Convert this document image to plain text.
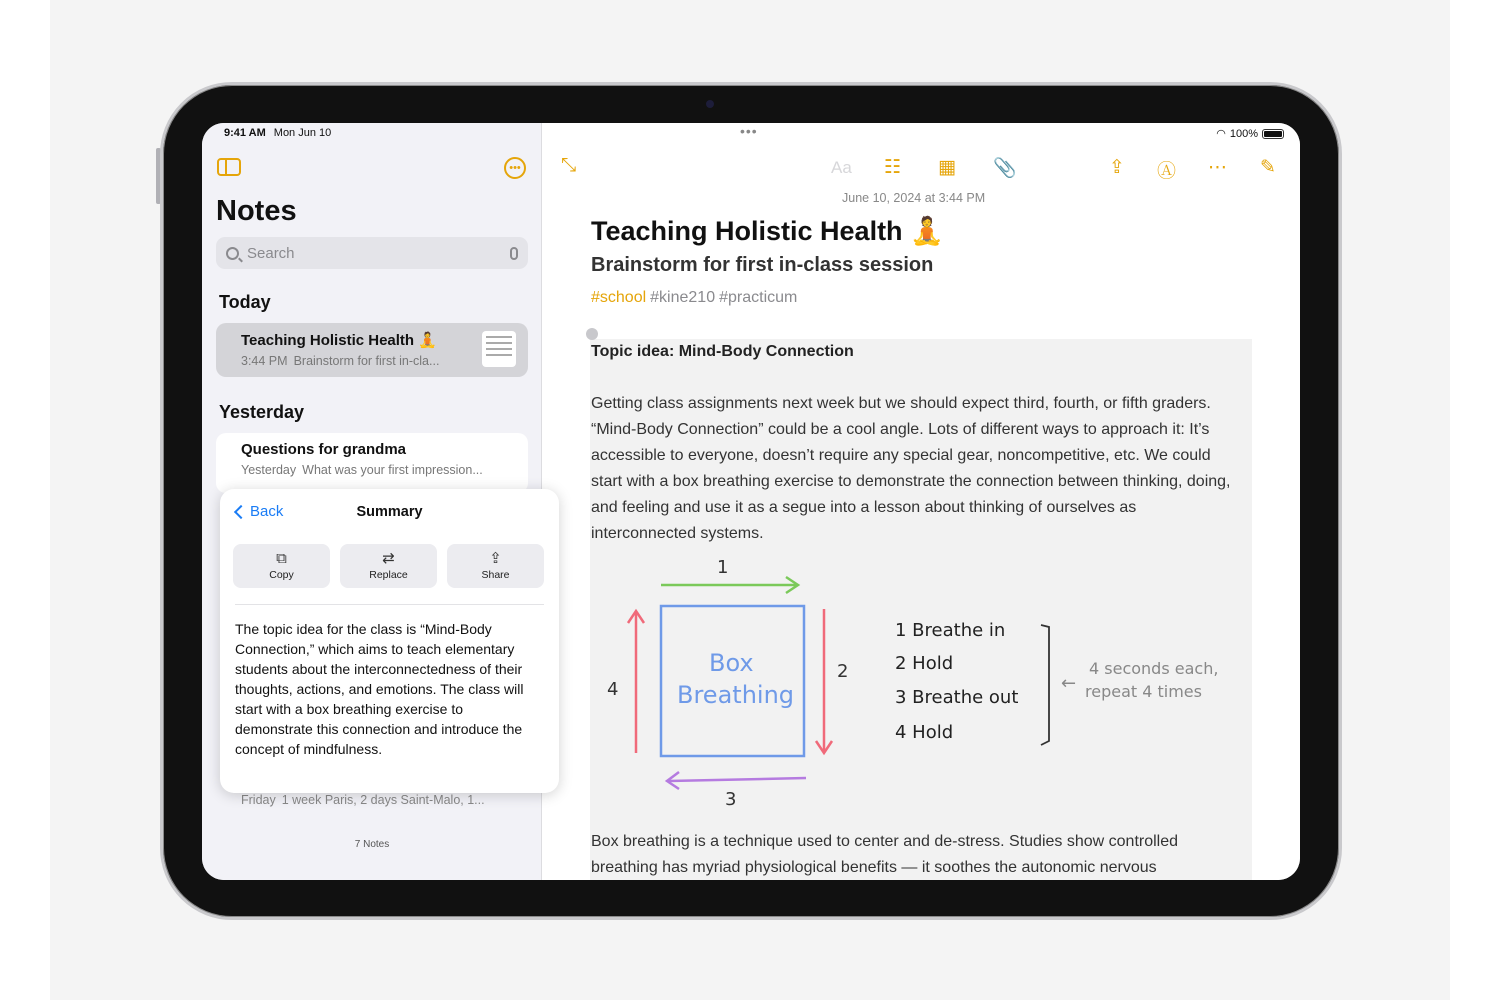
9:41 AM Mon Jun 10
•••
Notes
Search
Today
Teaching Holistic Health 🧘
3:44 PM Brainstorm for first in-cla...
Yesterday
Questions for grandma
Yesterday What was your first impression...
Friday 1 week Paris, 2 days Saint-Malo, 1...
7 Notes
•••	◠ 100%
⤡	Aa ☷ ▦ 📎	⇪ Ⓐ ⋯ ✎
June 10, 2024 at 3:44 PM
Teaching Holistic Health 🧘
Brainstorm for first in-class session
#school #kine210 #practicum
Topic idea: Mind-Body Connection
Getting class assignments next week but we should expect third, fourth, or fifth graders. “Mind-Body Connection” could be a cool angle. Lots of different ways to approach it: It’s accessible to everyone, doesn’t require any special gear, noncompetitive, etc. We could start with a box breathing exercise to demonstrate the connection between thinking, doing, and feeling and use it as a segue into a lesson about thinking of ourselves as interconnected systems.
Box
Breathing
1
2
3
4
1 Breathe in
2 Hold
3 Breathe out
4 Hold
←
4 seconds each,
repeat 4 times
Box breathing is a technique used to center and de-stress. Studies show controlled breathing has myriad physiological benefits — it soothes the autonomic nervous
Back	Summary
⧉
Copy
⇄
Replace
⇪
Share
The topic idea for the class is “Mind-Body Connection,” which aims to teach elementary students about the interconnectedness of their thoughts, actions, and emotions. The class will start with a box breathing exercise to demonstrate this connection and introduce the concept of mindfulness.
